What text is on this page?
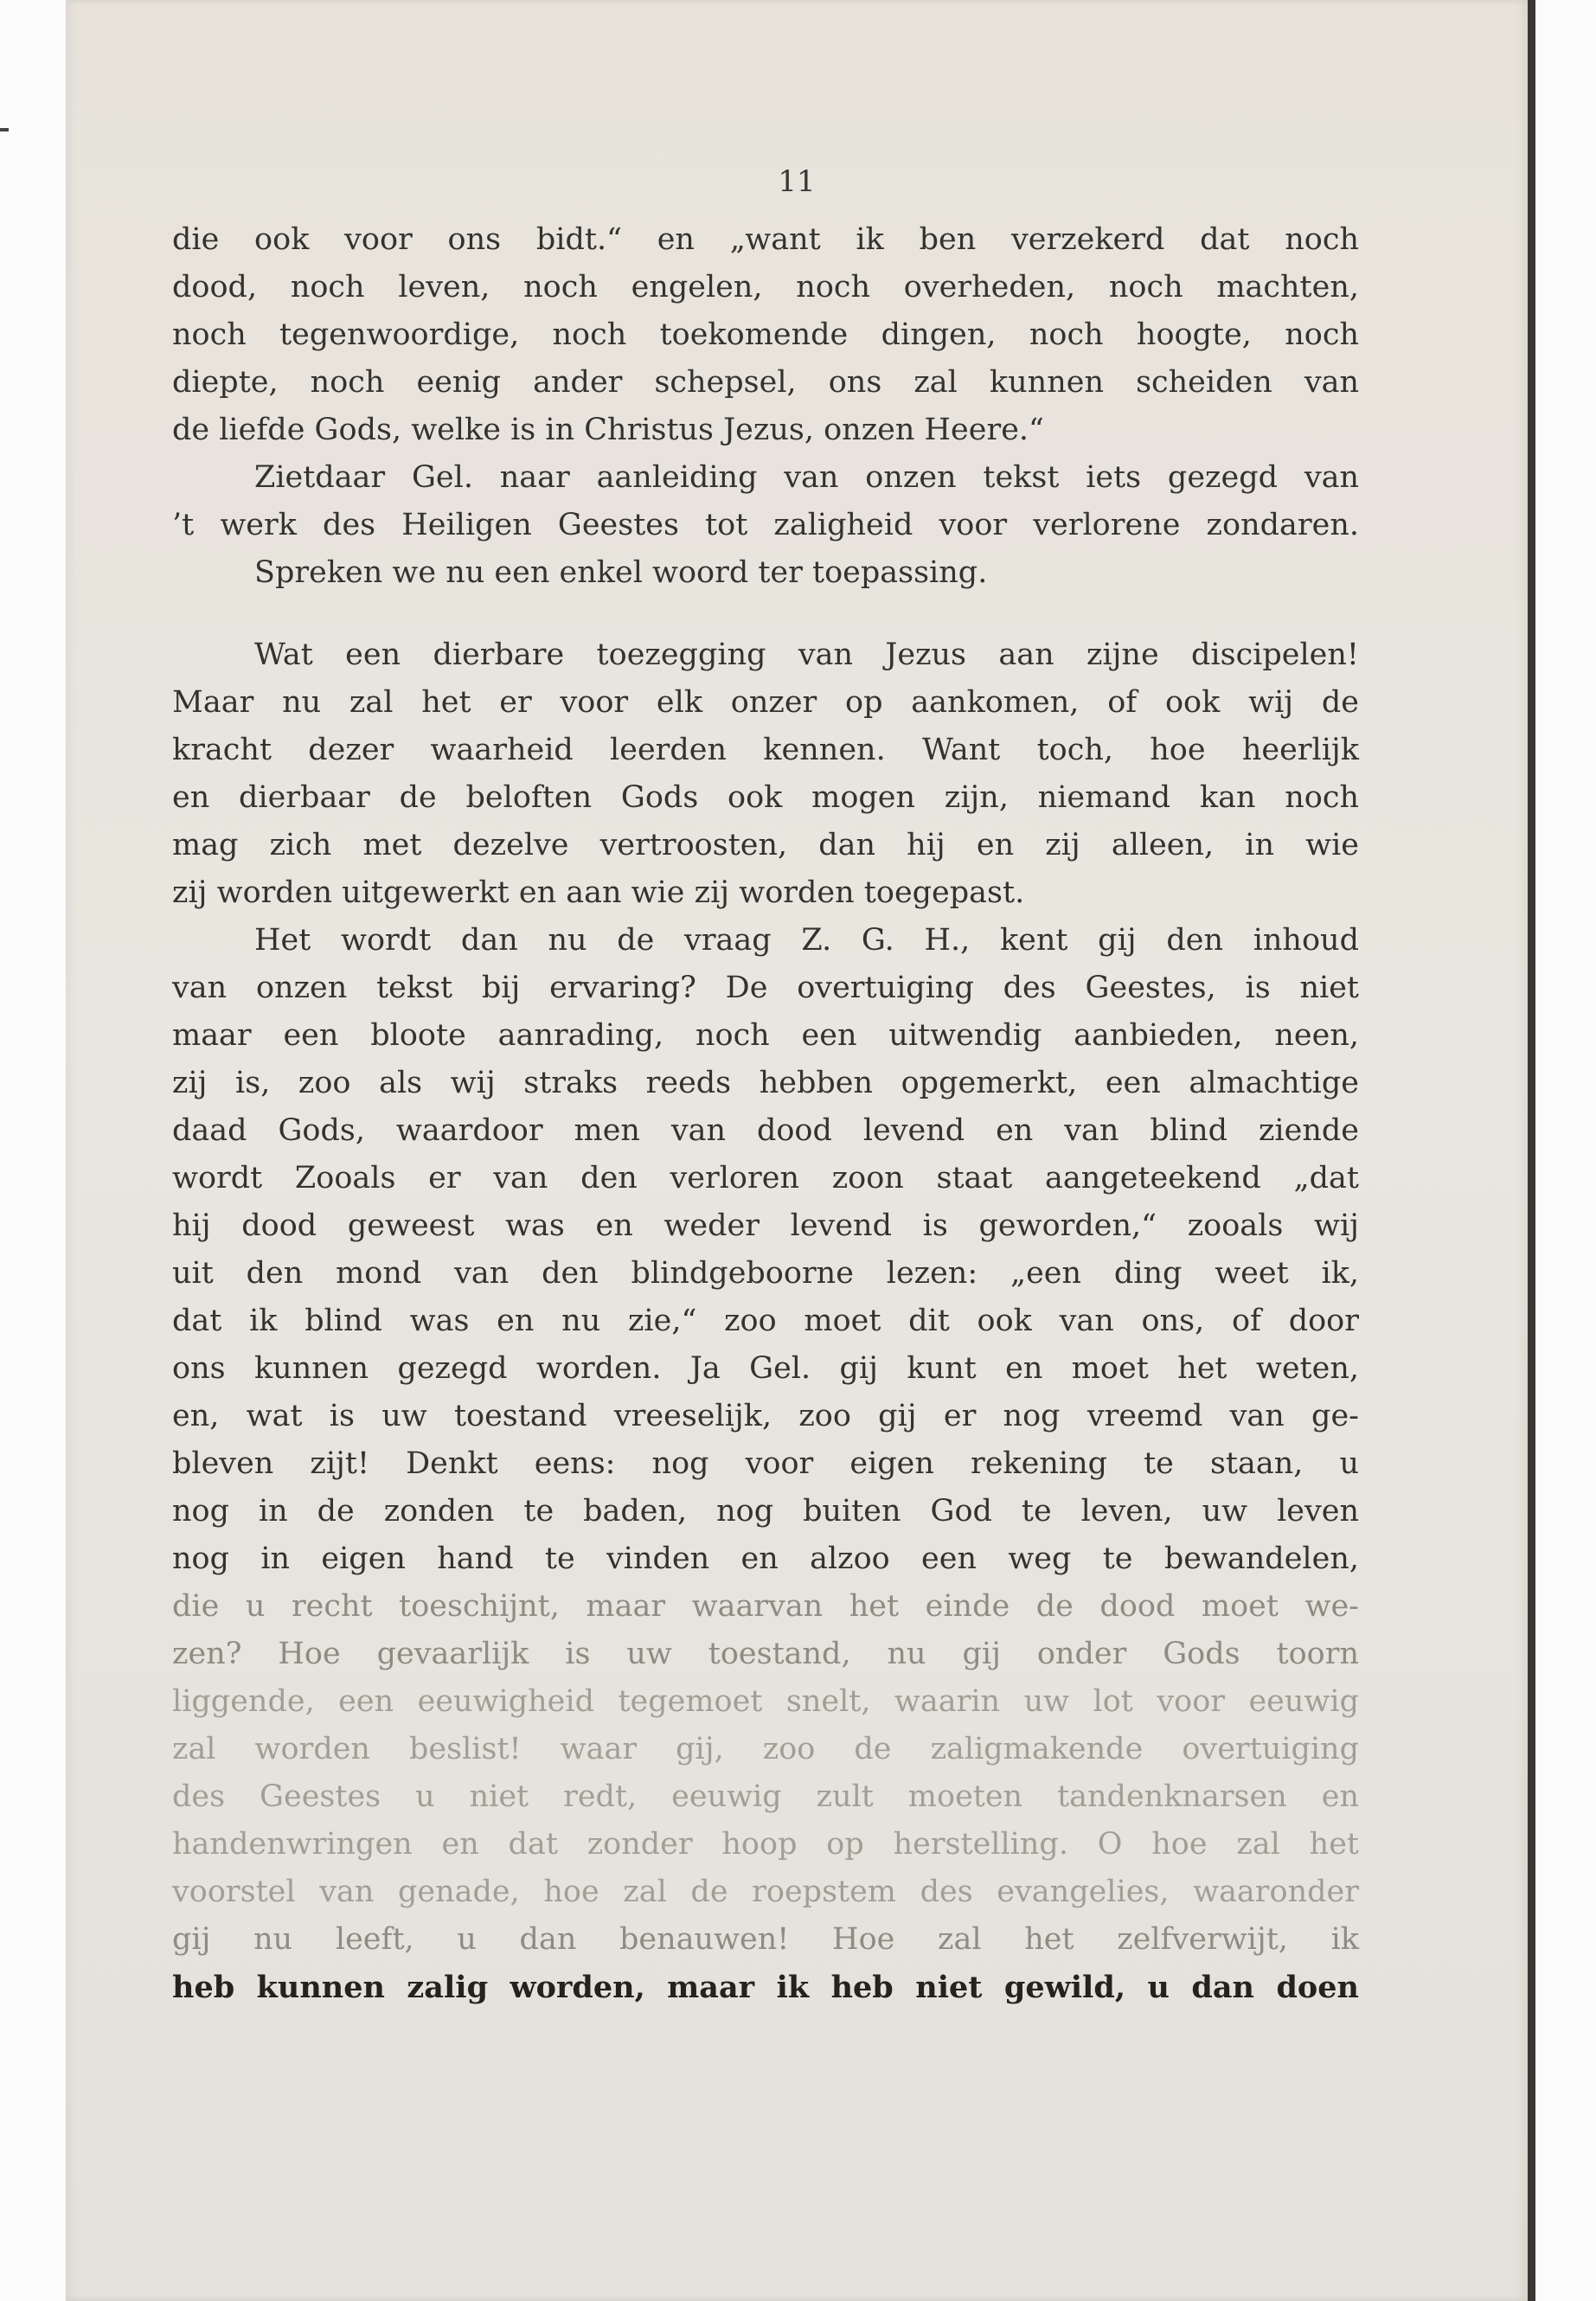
11
die ook voor ons bidt.“ en „want ik ben verzekerd dat noch
dood, noch leven, noch engelen, noch overheden, noch machten,
noch tegenwoordige, noch toekomende dingen, noch hoogte, noch
diepte, noch eenig ander schepsel, ons zal kunnen scheiden van
de liefde Gods, welke is in Christus Jezus, onzen Heere.“
Zietdaar Gel. naar aanleiding van onzen tekst iets gezegd van
’t werk des Heiligen Geestes tot zaligheid voor verlorene zondaren.
Spreken we nu een enkel woord ter toepassing.
Wat een dierbare toezegging van Jezus aan zijne discipelen!
Maar nu zal het er voor elk onzer op aankomen, of ook wij de
kracht dezer waarheid leerden kennen. Want toch, hoe heerlijk
en dierbaar de beloften Gods ook mogen zijn, niemand kan noch
mag zich met dezelve vertroosten, dan hij en zij alleen, in wie
zij worden uitgewerkt en aan wie zij worden toegepast.
Het wordt dan nu de vraag Z. G. H., kent gij den inhoud
van onzen tekst bij ervaring? De overtuiging des Geestes, is niet
maar een bloote aanrading, noch een uitwendig aanbieden, neen,
zij is, zoo als wij straks reeds hebben opgemerkt, een almachtige
daad Gods, waardoor men van dood levend en van blind ziende
wordt Zooals er van den verloren zoon staat aangeteekend „dat
hij dood geweest was en weder levend is geworden,“ zooals wij
uit den mond van den blindgeboorne lezen: „een ding weet ik,
dat ik blind was en nu zie,“ zoo moet dit ook van ons, of door
ons kunnen gezegd worden. Ja Gel. gij kunt en moet het weten,
en, wat is uw toestand vreeselijk, zoo gij er nog vreemd van ge-
bleven zijt! Denkt eens: nog voor eigen rekening te staan, u
nog in de zonden te baden, nog buiten God te leven, uw leven
nog in eigen hand te vinden en alzoo een weg te bewandelen,
die u recht toeschijnt, maar waarvan het einde de dood moet we-
zen? Hoe gevaarlijk is uw toestand, nu gij onder Gods toorn
liggende, een eeuwigheid tegemoet snelt, waarin uw lot voor eeuwig
zal worden beslist! waar gij, zoo de zaligmakende overtuiging
des Geestes u niet redt, eeuwig zult moeten tandenknarsen en
handenwringen en dat zonder hoop op herstelling. O hoe zal het
voorstel van genade, hoe zal de roepstem des evangelies, waaronder
gij nu leeft, u dan benauwen! Hoe zal het zelfverwijt, ik
heb kunnen zalig worden, maar ik heb niet gewild, u dan doen
